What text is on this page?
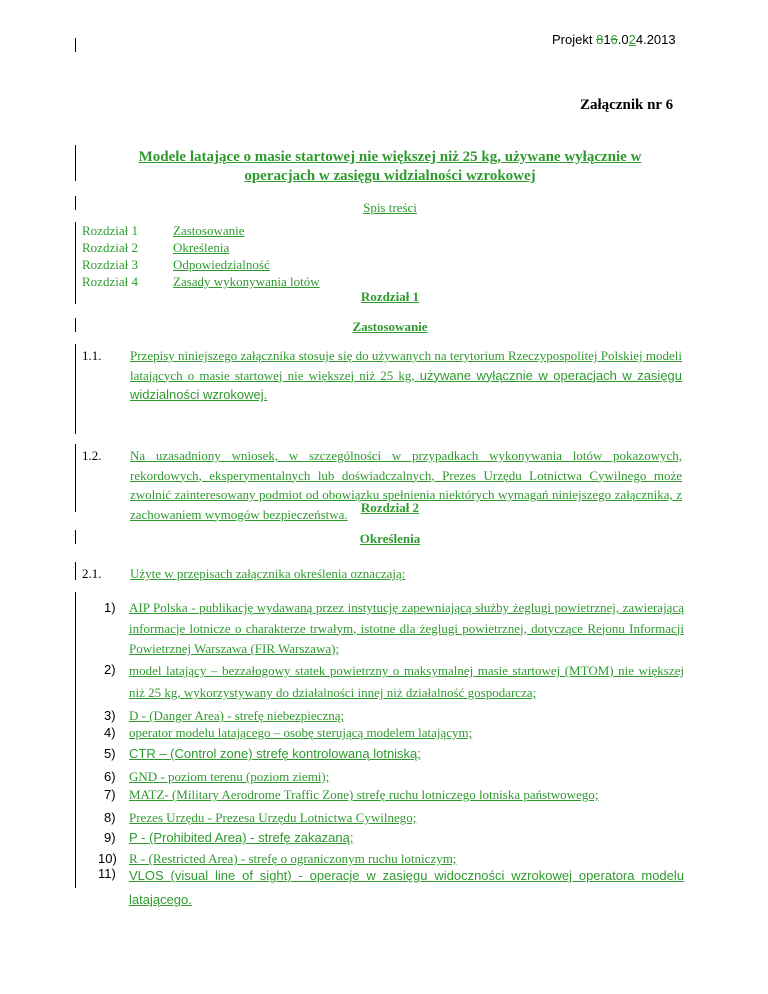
Projekt 816.024.2013
Załącznik nr 6
Modele latające o masie startowej nie większej niż 25 kg, używane wyłącznie w
operacjach w zasięgu widzialności wzrokowej
Spis treści
Rozdział 1	Zastosowanie
Rozdział 2	Określenia
Rozdział 3	Odpowiedzialność
Rozdział 4	Zasady wykonywania lotów
Rozdział 1
Zastosowanie
1.1. Przepisy niniejszego załącznika stosuje się do używanych na terytorium Rzeczypospolitej Polskiej modeli latających o masie startowej nie większej niż 25 kg, używane wyłącznie w operacjach w zasięgu widzialności wzrokowej.
1.2. Na uzasadniony wniosek, w szczególności w przypadkach wykonywania lotów pokazowych, rekordowych, eksperymentalnych lub doświadczalnych, Prezes Urzędu Lotnictwa Cywilnego może zwolnić zainteresowany podmiot od obowiązku spełnienia niektórych wymagań niniejszego załącznika, z zachowaniem wymogów bezpieczeństwa.	Rozdział 2
Określenia
2.1. Użyte w przepisach załącznika określenia oznaczają:
1) AIP Polska - publikację wydawaną przez instytucję zapewniającą służby żeglugi powietrznej, zawierającą informacje lotnicze o charakterze trwałym, istotne dla żeglugi powietrznej, dotyczące Rejonu Informacji Powietrznej Warszawa (FIR Warszawa);
2) model latający – bezzałogowy statek powietrzny o maksymalnej masie startowej (MTOM) nie większej niż 25 kg, wykorzystywany do działalności innej niż działalność gospodarcza;
3) D - (Danger Area) - strefę niebezpieczną;
4) operator modelu latającego – osobę sterującą modelem latającym;
5) CTR – (Control zone) strefę kontrolowaną lotniską;
6) GND - poziom terenu (poziom ziemi);
7) MATZ- (Military Aerodrome Traffic Zone) strefę ruchu lotniczego lotniska państwowego;
8) Prezes Urzędu - Prezesa Urzędu Lotnictwa Cywilnego;
9) P - (Prohibited Area) - strefę zakazaną;
10) R - (Restricted Area) - strefę o ograniczonym ruchu lotniczym;
11) VLOS (visual line of sight) - operacje w zasięgu widoczności wzrokowej operatora modelu latającego.
